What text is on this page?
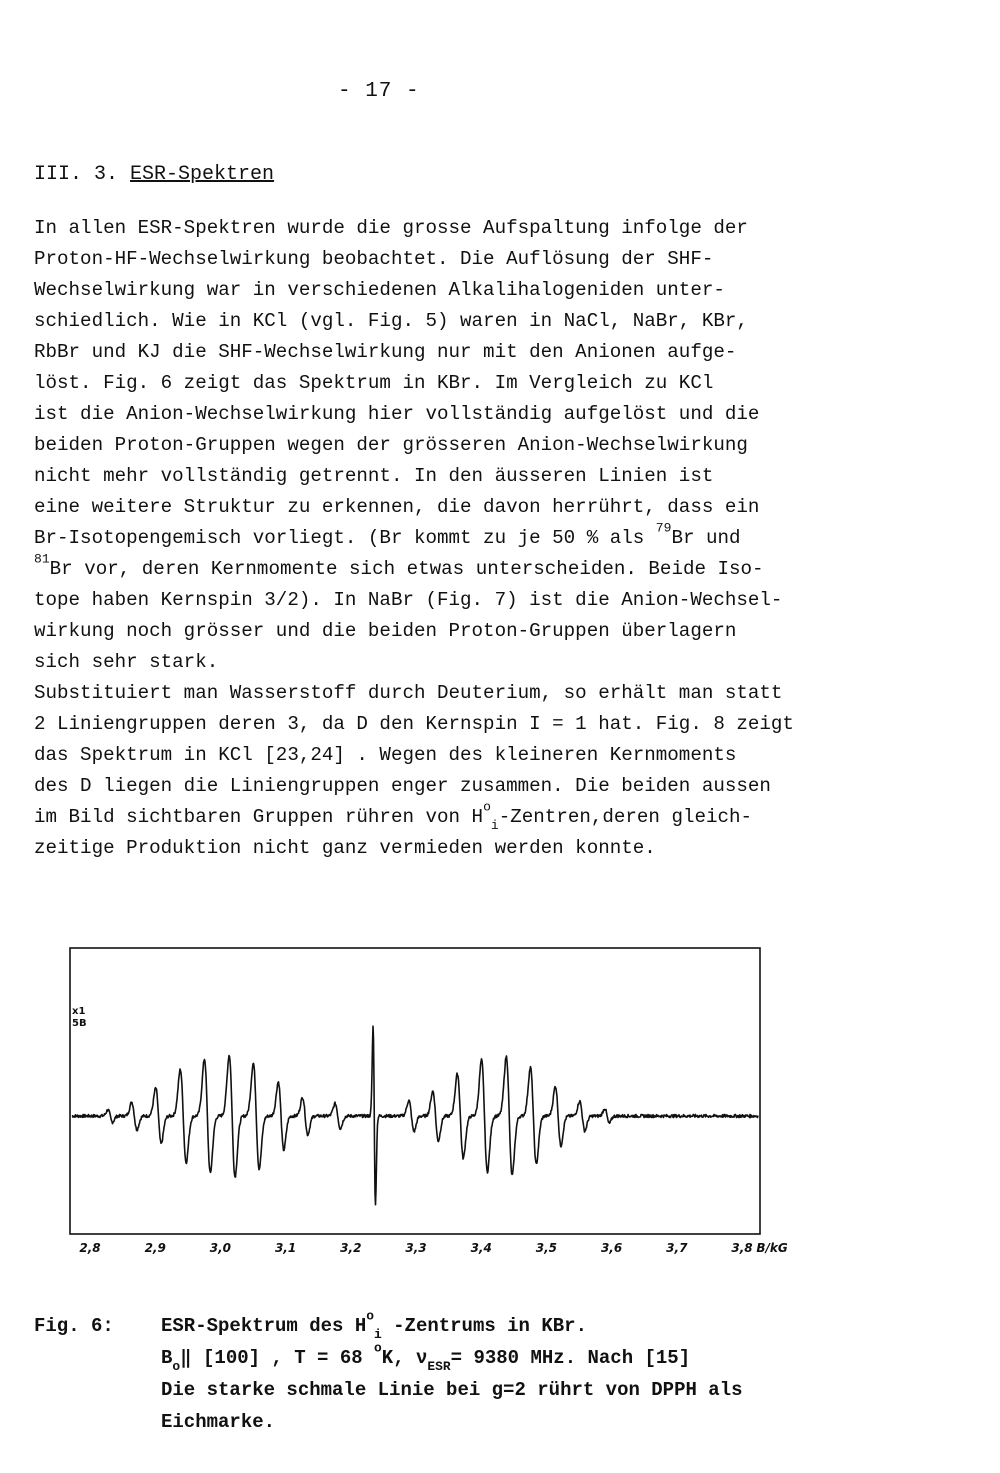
- 17 -
III. 3. ESR-Spektren
In allen ESR-Spektren wurde die grosse Aufspaltung infolge der
Proton-HF-Wechselwirkung beobachtet. Die Auflösung der SHF-
Wechselwirkung war in verschiedenen Alkalihalogeniden unter-
schiedlich. Wie in KCl (vgl. Fig. 5) waren in NaCl, NaBr, KBr,
RbBr und KJ die SHF-Wechselwirkung nur mit den Anionen aufge-
löst. Fig. 6 zeigt das Spektrum in KBr. Im Vergleich zu KCl
ist die Anion-Wechselwirkung hier vollständig aufgelöst und die
beiden Proton-Gruppen wegen der grösseren Anion-Wechselwirkung
nicht mehr vollständig getrennt. In den äusseren Linien ist
eine weitere Struktur zu erkennen, die davon herrührt, dass ein
Br-Isotopengemisch vorliegt. (Br kommt zu je 50 % als $^{79}$Br und
$^{81}$Br vor, deren Kernmomente sich etwas unterscheiden. Beide Iso-
tope haben Kernspin 3/2). In NaBr (Fig. 7) ist die Anion-Wechsel-
wirkung noch grösser und die beiden Proton-Gruppen überlagern
sich sehr stark.
Substituiert man Wasserstoff durch Deuterium, so erhält man statt
2 Liniengruppen deren 3, da D den Kernspin I = 1 hat. Fig. 8 zeigt
das Spektrum in KCl [23,24] . Wegen des kleineren Kernmoments
des D liegen die Liniengruppen enger zusammen. Die beiden aussen
im Bild sichtbaren Gruppen rühren von $H^o_i-Zentren,deren$ gleich-
zeitige Produktion nicht ganz vermieden werden konnte.
2,8	2,9	3,0	3,1	3,2	3,3	3,4	3,5	3,6	3,7	3,8 B/kG
x1
5B
Fig. 6: ESR-Spektrum des $H^o_i$ -Zentrums in KBr.
$B_o‖$ [100] , T = 68 $^o$K, $\nu_{ESR}= 9380$ MHz. Nach [15]
Die starke schmale Linie bei g=2 rührt von DPPH als
Eichmarke.
